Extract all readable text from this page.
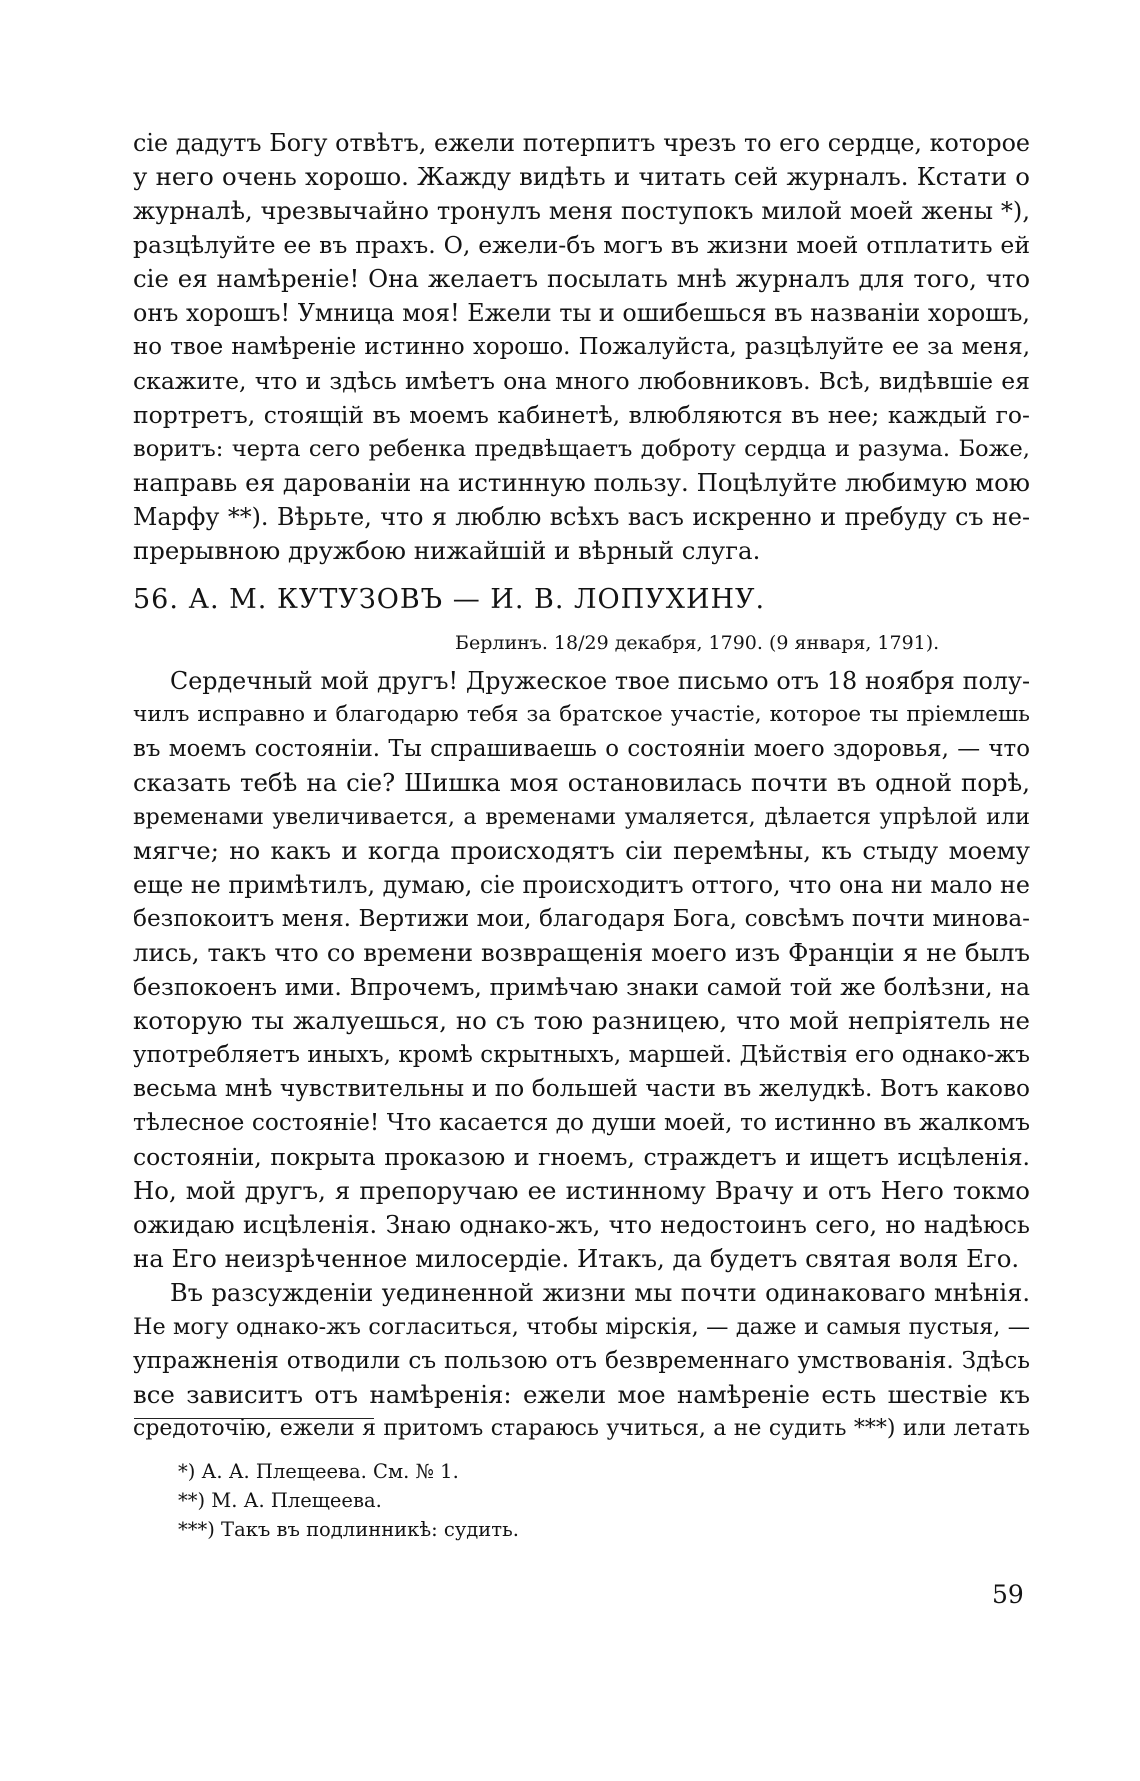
сіе дадутъ Богу отвѣтъ, ежели потерпитъ чрезъ то его сердце, которое
у него очень хорошо. Жажду видѣть и читать сей журналъ. Кстати о
журналѣ, чрезвычайно тронулъ меня поступокъ милой моей жены *),
разцѣлуйте ее въ прахъ. О, ежели-бъ могъ въ жизни моей отплатить ей
сіе ея намѣреніе! Она желаетъ посылать мнѣ журналъ для того, что
онъ хорошъ! Умница моя! Ежели ты и ошибешься въ названіи хорошъ,
но твое намѣреніе истинно хорошо. Пожалуйста, разцѣлуйте ее за меня,
скажите, что и здѣсь имѣетъ она много любовниковъ. Всѣ, видѣвшіе ея
портретъ, стоящій въ моемъ кабинетѣ, влюбляются въ нее; каждый го-
воритъ: черта сего ребенка предвѣщаетъ доброту сердца и разума. Боже,
направь ея дарованіи на истинную пользу. Поцѣлуйте любимую мою
Марфу **). Вѣрьте, что я люблю всѣхъ васъ искренно и пребуду съ не-
прерывною дружбою нижайшій и вѣрный слуга.
56. А. М. КУТУЗОВЪ — И. В. ЛОПУХИНУ.
Берлинъ. 18/29 декабря, 1790. (9 января, 1791).
Сердечный мой другъ! Дружеское твое письмо отъ 18 ноября полу-
чилъ исправно и благодарю тебя за братское участіе, которое ты пріемлешь
въ моемъ состояніи. Ты спрашиваешь о состояніи моего здоровья, — что
сказать тебѣ на сіе? Шишка моя остановилась почти въ одной порѣ,
временами увеличивается, а временами умаляется, дѣлается упрѣлой или
мягче; но какъ и когда происходятъ сіи перемѣны, къ стыду моему
еще не примѣтилъ, думаю, сіе происходитъ оттого, что она ни мало не
безпокоитъ меня. Вертижи мои, благодаря Бога, совсѣмъ почти минова-
лись, такъ что со времени возвращенія моего изъ Франціи я не былъ
безпокоенъ ими. Впрочемъ, примѣчаю знаки самой той же болѣзни, на
которую ты жалуешься, но съ тою разницею, что мой непріятель не
употребляетъ иныхъ, кромѣ скрытныхъ, маршей. Дѣйствія его однако-жъ
весьма мнѣ чувствительны и по большей части въ желудкѣ. Вотъ каково
тѣлесное состояніе! Что касается до души моей, то истинно въ жалкомъ
состояніи, покрыта проказою и гноемъ, страждетъ и ищетъ исцѣленія.
Но, мой другъ, я препоручаю ее истинному Врачу и отъ Него токмо
ожидаю исцѣленія. Знаю однако-жъ, что недостоинъ сего, но надѣюсь
на Его неизрѣченное милосердіе. Итакъ, да будетъ святая воля Его.
Въ разсужденіи уединенной жизни мы почти одинаковаго мнѣнія.
Не могу однако-жъ согласиться, чтобы мірскія, — даже и самыя пустыя, —
упражненія отводили съ пользою отъ безвременнаго умствованія. Здѣсь
все зависитъ отъ намѣренія: ежели мое намѣреніе есть шествіе къ
средоточію, ежели я притомъ стараюсь учиться, а не судить ***) или летать
*) А. А. Плещеева. См. № 1.
**) М. А. Плещеева.
***) Такъ въ подлинникѣ: судить.
59
